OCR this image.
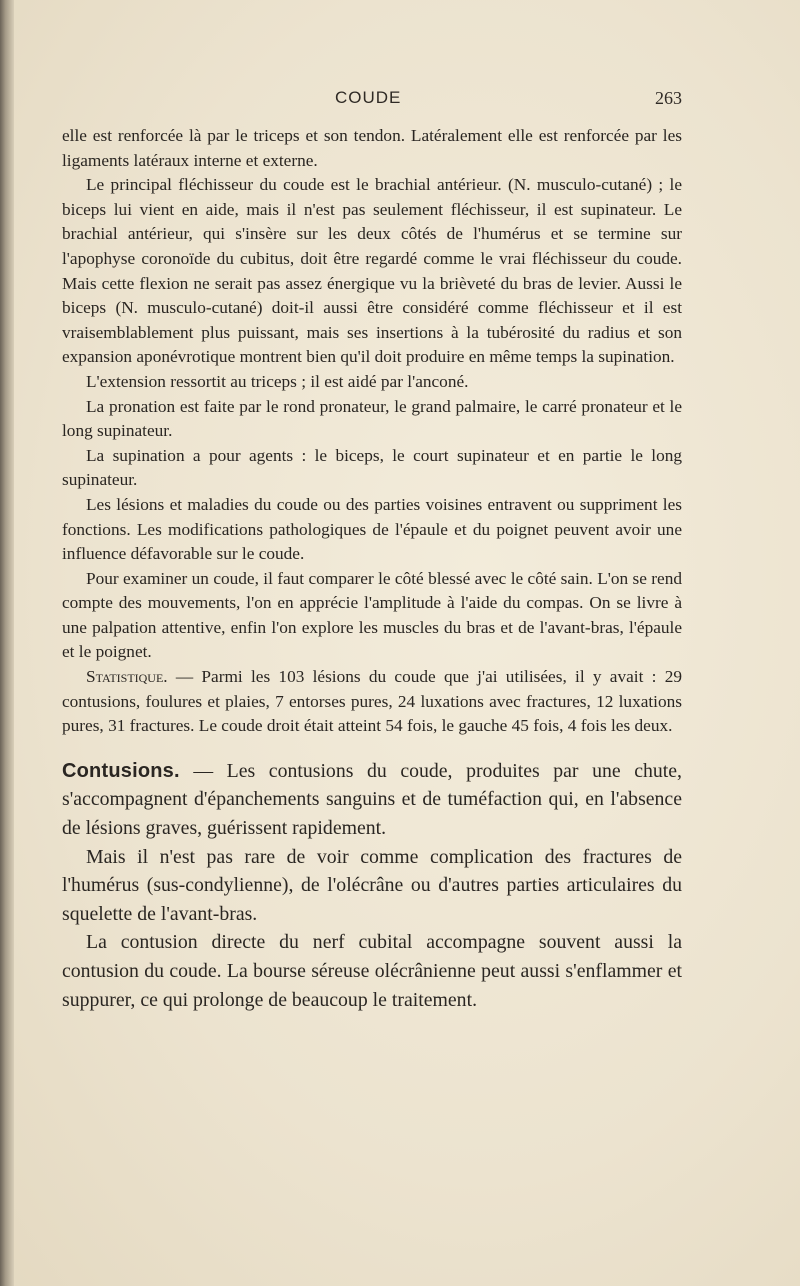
COUDE	263

elle est renforcée là par le triceps et son tendon. Latéralement elle est renforcée par les ligaments latéraux interne et externe.

Le principal fléchisseur du coude est le brachial antérieur. (N. musculo-cutané) ; le biceps lui vient en aide, mais il n'est pas seulement fléchisseur, il est supinateur. Le brachial antérieur, qui s'insère sur les deux côtés de l'humérus et se termine sur l'apophyse coronoïde du cubitus, doit être regardé comme le vrai fléchisseur du coude. Mais cette flexion ne serait pas assez énergique vu la brièveté du bras de levier. Aussi le biceps (N. musculo-cutané) doit-il aussi être considéré comme fléchisseur et il est vraisemblablement plus puissant, mais ses insertions à la tubérosité du radius et son expansion aponévrotique montrent bien qu'il doit produire en même temps la supination.

L'extension ressortit au triceps ; il est aidé par l'anconé.

La pronation est faite par le rond pronateur, le grand palmaire, le carré pronateur et le long supinateur.

La supination a pour agents : le biceps, le court supinateur et en partie le long supinateur.

Les lésions et maladies du coude ou des parties voisines entravent ou suppriment les fonctions. Les modifications pathologiques de l'épaule et du poignet peuvent avoir une influence défavorable sur le coude.

Pour examiner un coude, il faut comparer le côté blessé avec le côté sain. L'on se rend compte des mouvements, l'on en apprécie l'amplitude à l'aide du compas. On se livre à une palpation attentive, enfin l'on explore les muscles du bras et de l'avant-bras, l'épaule et le poignet.

Statistique. — Parmi les 103 lésions du coude que j'ai utilisées, il y avait : 29 contusions, foulures et plaies, 7 entorses pures, 24 luxations avec fractures, 12 luxations pures, 31 fractures. Le coude droit était atteint 54 fois, le gauche 45 fois, 4 fois les deux.

Contusions. — Les contusions du coude, produites par une chute, s'accompagnent d'épanchements sanguins et de tuméfaction qui, en l'absence de lésions graves, guérissent rapidement.

Mais il n'est pas rare de voir comme complication des fractures de l'humérus (sus-condylienne), de l'olécrâne ou d'autres parties articulaires du squelette de l'avant-bras.

La contusion directe du nerf cubital accompagne souvent aussi la contusion du coude. La bourse séreuse olécrânienne peut aussi s'enflammer et suppurer, ce qui prolonge de beaucoup le traitement.
